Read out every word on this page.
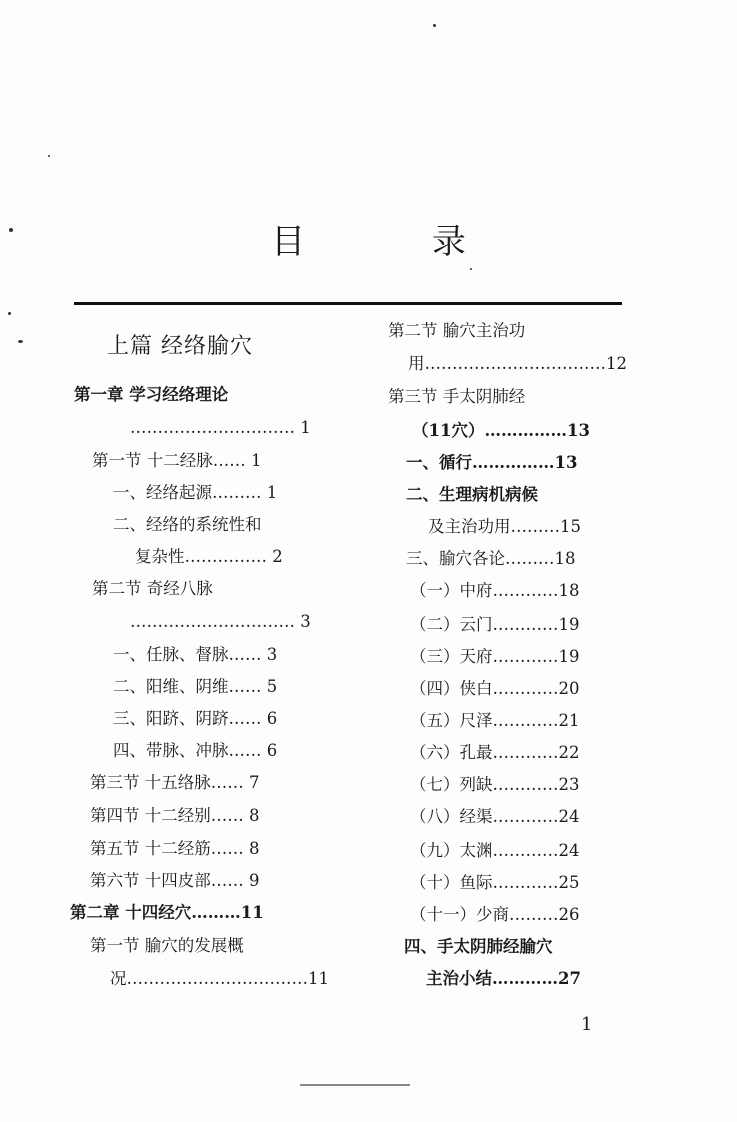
目 录
上篇 经络腧穴
第一章 学习经络理论
………………………… 1
第一节 十二经脉…… 1
一、经络起源……… 1
二、经络的系统性和
复杂性…………… 2
第二节 奇经八脉
………………………… 3
一、任脉、督脉…… 3
二、阳维、阴维…… 5
三、阳跻、阴跻…… 6
四、带脉、冲脉…… 6
第三节 十五络脉…… 7
第四节 十二经别…… 8
第五节 十二经筋…… 8
第六节 十四皮部…… 9
第二章 十四经穴………11
第一节 腧穴的发展概
况……………………………11
第二节 腧穴主治功
用……………………………12
第三节 手太阴肺经
（11穴）……………13
一、循行……………13
二、生理病机病候
及主治功用………15
三、腧穴各论………18
（一）中府…………18
（二）云门…………19
（三）天府…………19
（四）侠白…………20
（五）尺泽…………21
（六）孔最…………22
（七）列缺…………23
（八）经渠…………24
（九）太渊…………24
（十）鱼际…………25
（十一）少商………26
四、手太阴肺经腧穴
主治小结…………27
1
